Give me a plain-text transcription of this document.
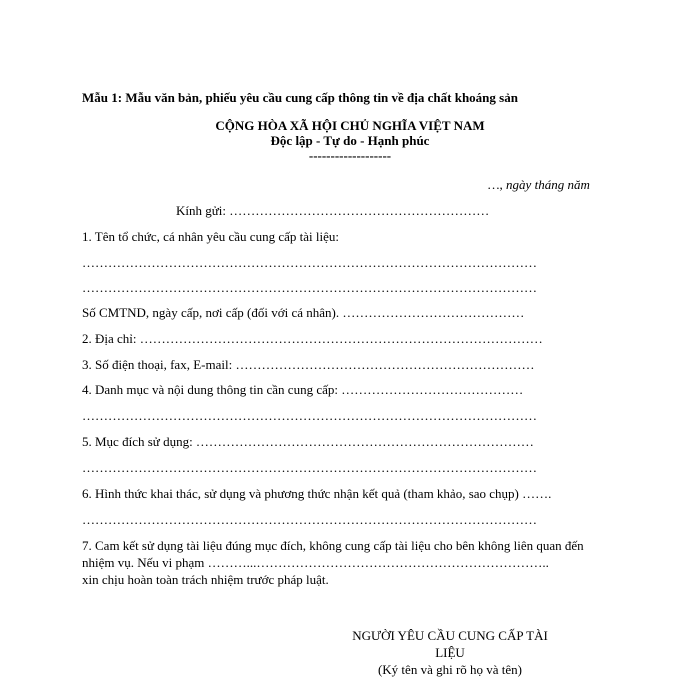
Mẫu 1: Mẫu văn bản, phiếu yêu cầu cung cấp thông tin về địa chất khoáng sản
CỘNG HÒA XÃ HỘI CHỦ NGHĨA VIỆT NAM
Độc lập - Tự do - Hạnh phúc
-------------------
…, ngày tháng năm
Kính gửi: ……………………………………………………
1. Tên tổ chức, cá nhân yêu cầu cung cấp tài liệu:
……………………………………………………………………………………………
……………………………………………………………………………………………
Số CMTND, ngày cấp, nơi cấp (đối với cá nhân). ……………………………………
2. Địa chỉ: …………………………………………………………………………………
3. Số điện thoại, fax, E-mail: ……………………………………………………………
4. Danh mục và nội dung thông tin cần cung cấp: ……………………………………
……………………………………………………………………………………………
5. Mục đích sử dụng: ……………………………………………………………………
……………………………………………………………………………………………
6. Hình thức khai thác, sử dụng và phương thức nhận kết quả (tham khảo, sao chụp) …….
……………………………………………………………………………………………
7. Cam kết sử dụng tài liệu đúng mục đích, không cung cấp tài liệu cho bên không liên quan đến
nhiệm vụ. Nếu vi phạm ………...…………………………………………………………..
xin chịu hoàn toàn trách nhiệm trước pháp luật.
NGƯỜI YÊU CẦU CUNG CẤP TÀI
LIỆU
(Ký tên và ghi rõ họ và tên)
